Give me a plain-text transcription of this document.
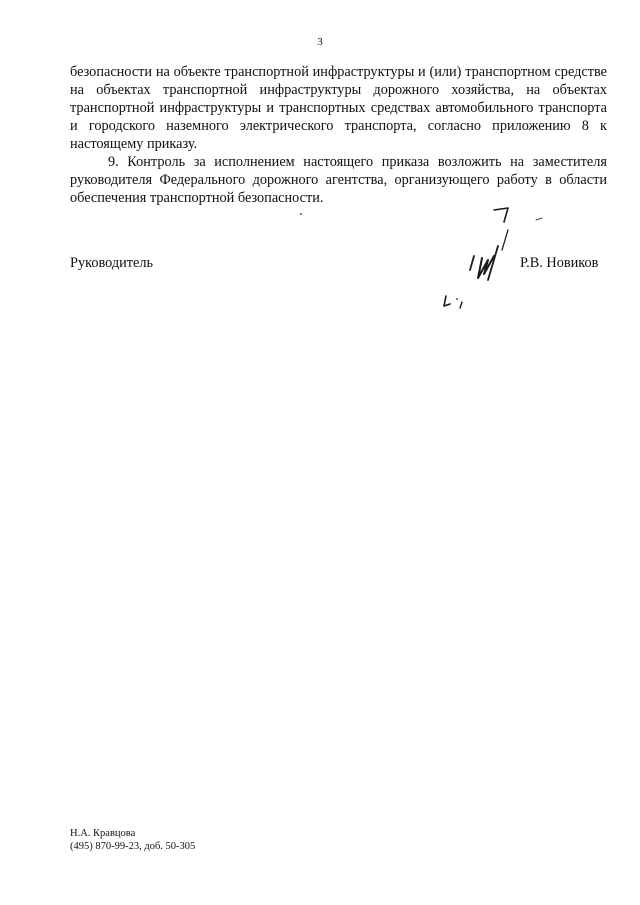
3

безопасности на объекте транспортной инфраструктуры и (или) транспортном средстве на объектах транспортной инфраструктуры дорожного хозяйства, на объектах транспортной инфраструктуры и транспортных средствах автомобильного транспорта и городского наземного электрического транспорта, согласно приложению 8 к настоящему приказу.

9. Контроль за исполнением настоящего приказа возложить на заместителя руководителя Федерального дорожного агентства, организующего работу в области обеспечения транспортной безопасности.

Руководитель	Р.В. Новиков
Н.А. Кравцова
(495) 870-99-23, доб. 50-305
